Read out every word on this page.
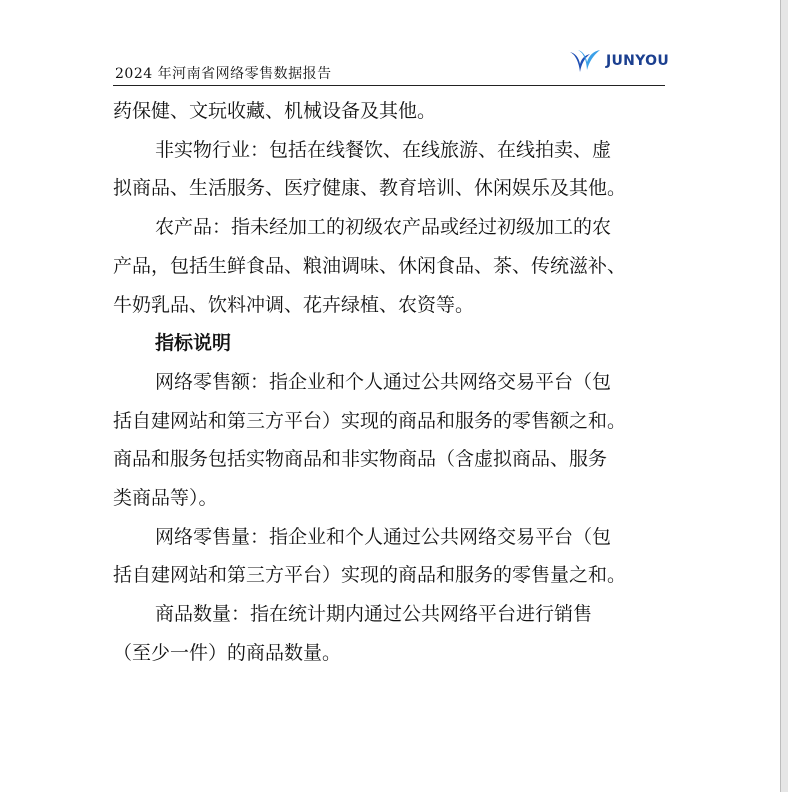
2024 年河南省网络零售数据报告
JUNYOU

药保健、文玩收藏、机械设备及其他。

非实物行业：包括在线餐饮、在线旅游、在线拍卖、虚

拟商品、生活服务、医疗健康、教育培训、休闲娱乐及其他。

农产品：指未经加工的初级农产品或经过初级加工的农

产品，包括生鲜食品、粮油调味、休闲食品、茶、传统滋补、

牛奶乳品、饮料冲调、花卉绿植、农资等。

指标说明

网络零售额：指企业和个人通过公共网络交易平台（包

括自建网站和第三方平台）实现的商品和服务的零售额之和。

商品和服务包括实物商品和非实物商品（含虚拟商品、服务

类商品等）。

网络零售量：指企业和个人通过公共网络交易平台（包

括自建网站和第三方平台）实现的商品和服务的零售量之和。

商品数量：指在统计期内通过公共网络平台进行销售

（至少一件）的商品数量。
